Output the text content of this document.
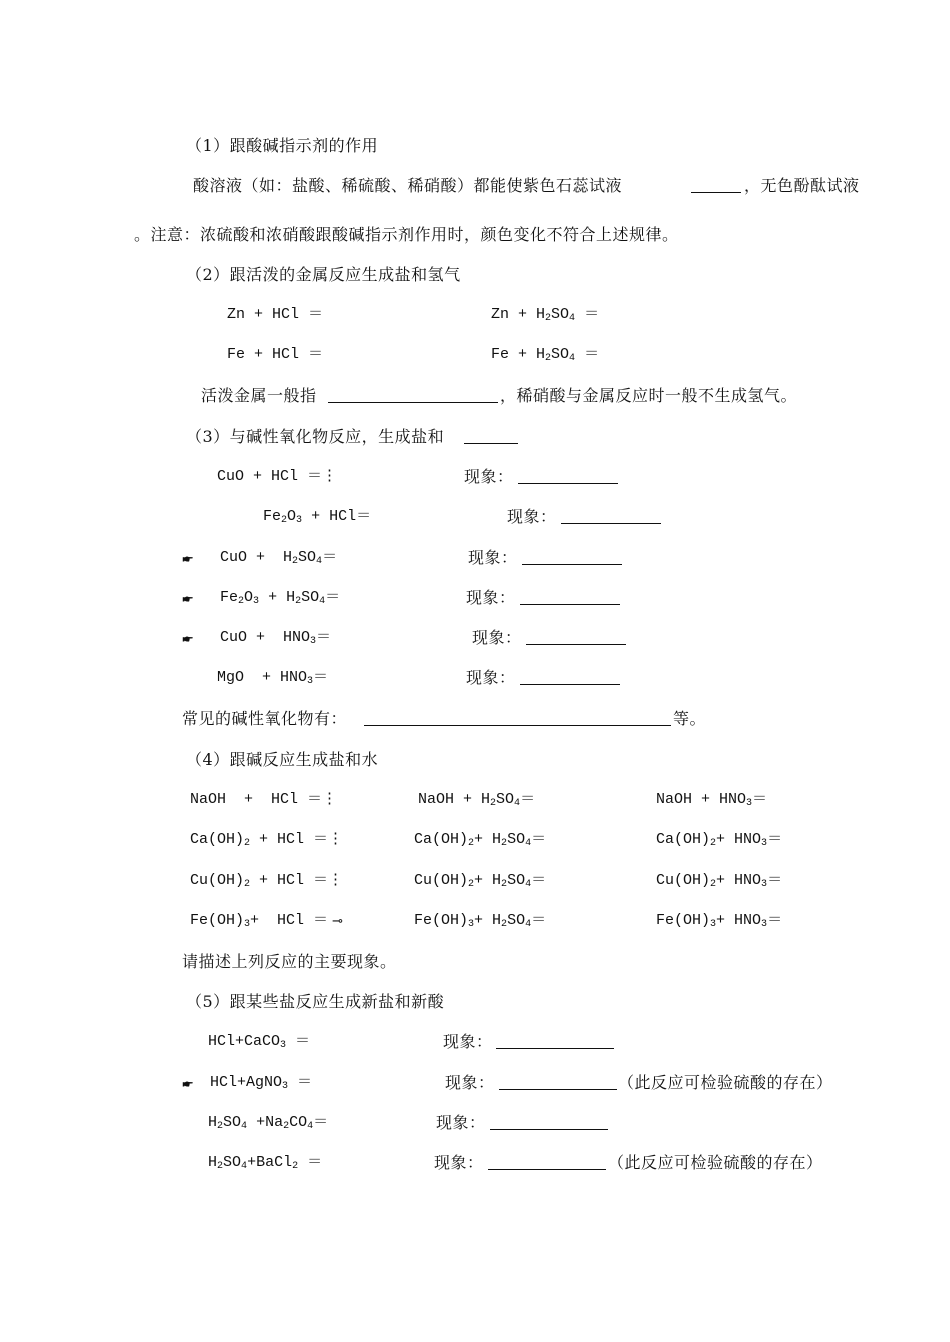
（1）跟酸碱指示剂的作用
酸溶液（如：盐酸、稀硫酸、稀硝酸）都能使紫色石蕊试液	，无色酚酞试液
。注意：浓硫酸和浓硝酸跟酸碱指示剂作用时，颜色变化不符合上述规律。
（2）跟活泼的金属反应生成盐和氢气
Zn + HCl ＝	$Zn + H_2SO_4$ ＝
Fe + HCl ＝	$Fe + H_2SO_4$ ＝
活泼金属一般指	，稀硝酸与金属反应时一般不生成氢气。
（3）与碱性氧化物反应，生成盐和
CuO + HCl ＝⋮	现象：
$Fe_2O_3 + HCl=$	现象：
🖝 CuO +  $H_2SO_4=$	现象：
🖝 $Fe_2O_3 + H_2SO_4=$	现象：
🖝 CuO +  $HNO_3=$	现象：
MgO  + $HNO_3=$	现象：
常见的碱性氧化物有：	等。
（4）跟碱反应生成盐和水
NaOH  +  HCl ＝⋮	NaOH + $H_2SO_4=$	NaOH + $HNO_3=$
$Ca(OH)_2$ + HCl ＝⋮	$Ca(OH)_2+ H_2SO_4=$	$Ca(OH)_2+ HNO_3=$
$Cu(OH)_2$ + HCl ＝⋮	$Cu(OH)_2+ H_2SO_4=$	$Cu(OH)_2+ HNO_3=$
$Fe(OH)_3+$  HCl ＝ ⊸	$Fe(OH)_3+ H_2SO_4=$	$Fe(OH)_3+ HNO_3=$
请描述上列反应的主要现象。
（5）跟某些盐反应生成新盐和新酸
HCl+CaCO$_3$ ＝	现象：
🖝 HCl+AgNO$_3$ ＝	现象：	（此反应可检验硫酸的存在）
$H_2SO_4 +Na_2CO_4=$	现象：
$H_2SO_4+BaCl_2$ ＝	现象：	（此反应可检验硫酸的存在）
